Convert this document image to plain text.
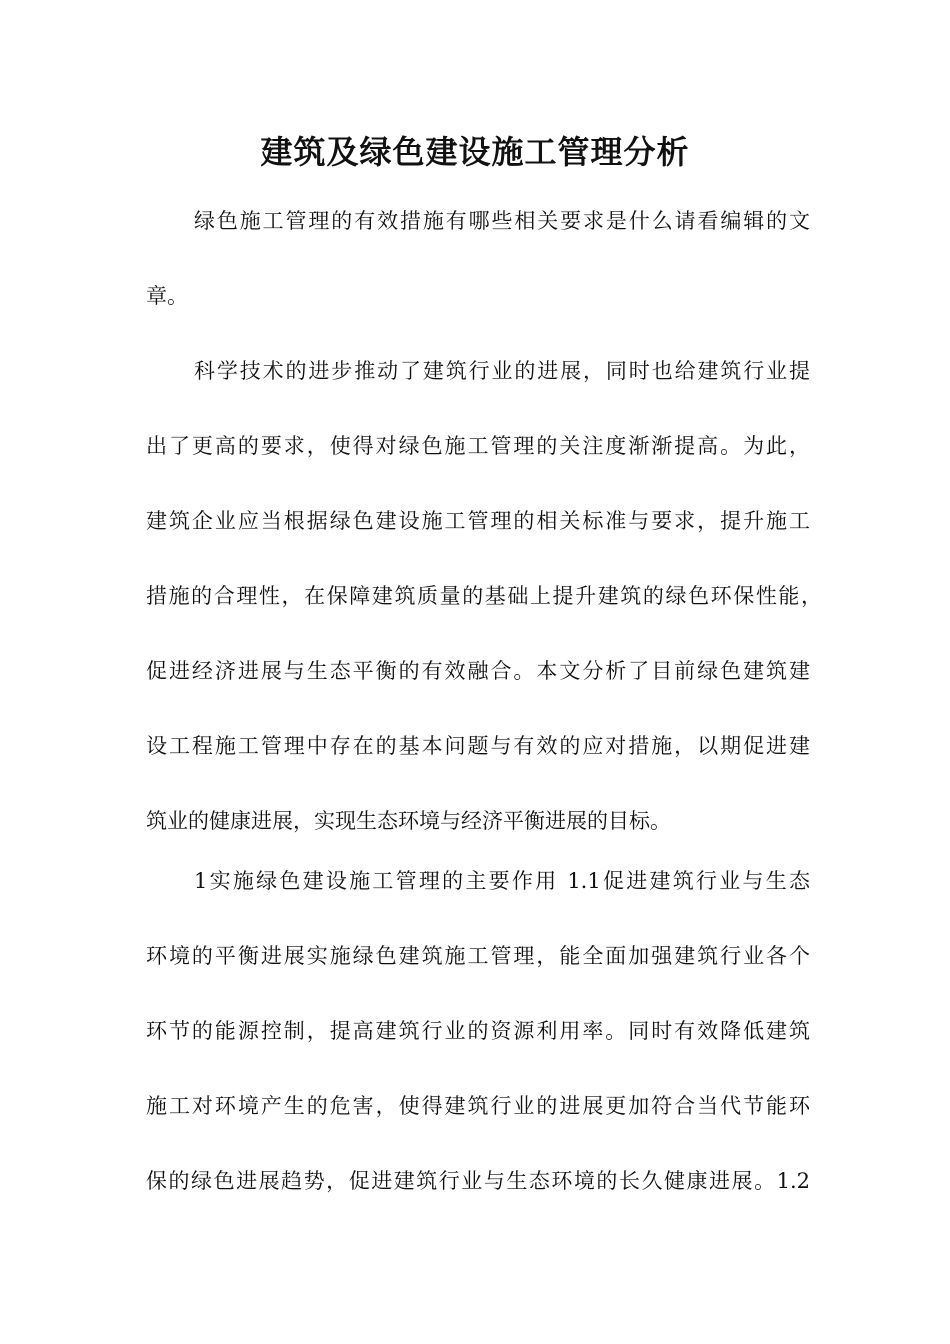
建筑及绿色建设施工管理分析
绿色施工管理的有效措施有哪些相关要求是什么请看编辑的文
章。
科学技术的进步推动了建筑行业的进展，同时也给建筑行业提
出了更高的要求，使得对绿色施工管理的关注度渐渐提高。为此，
建筑企业应当根据绿色建设施工管理的相关标准与要求，提升施工
措施的合理性，在保障建筑质量的基础上提升建筑的绿色环保性能，
促进经济进展与生态平衡的有效融合。本文分析了目前绿色建筑建
设工程施工管理中存在的基本问题与有效的应对措施，以期促进建
筑业的健康进展，实现生态环境与经济平衡进展的目标。
1实施绿色建设施工管理的主要作用 1.1促进建筑行业与生态
环境的平衡进展实施绿色建筑施工管理，能全面加强建筑行业各个
环节的能源控制，提高建筑行业的资源利用率。同时有效降低建筑
施工对环境产生的危害，使得建筑行业的进展更加符合当代节能环
保的绿色进展趋势，促进建筑行业与生态环境的长久健康进展。1.2
